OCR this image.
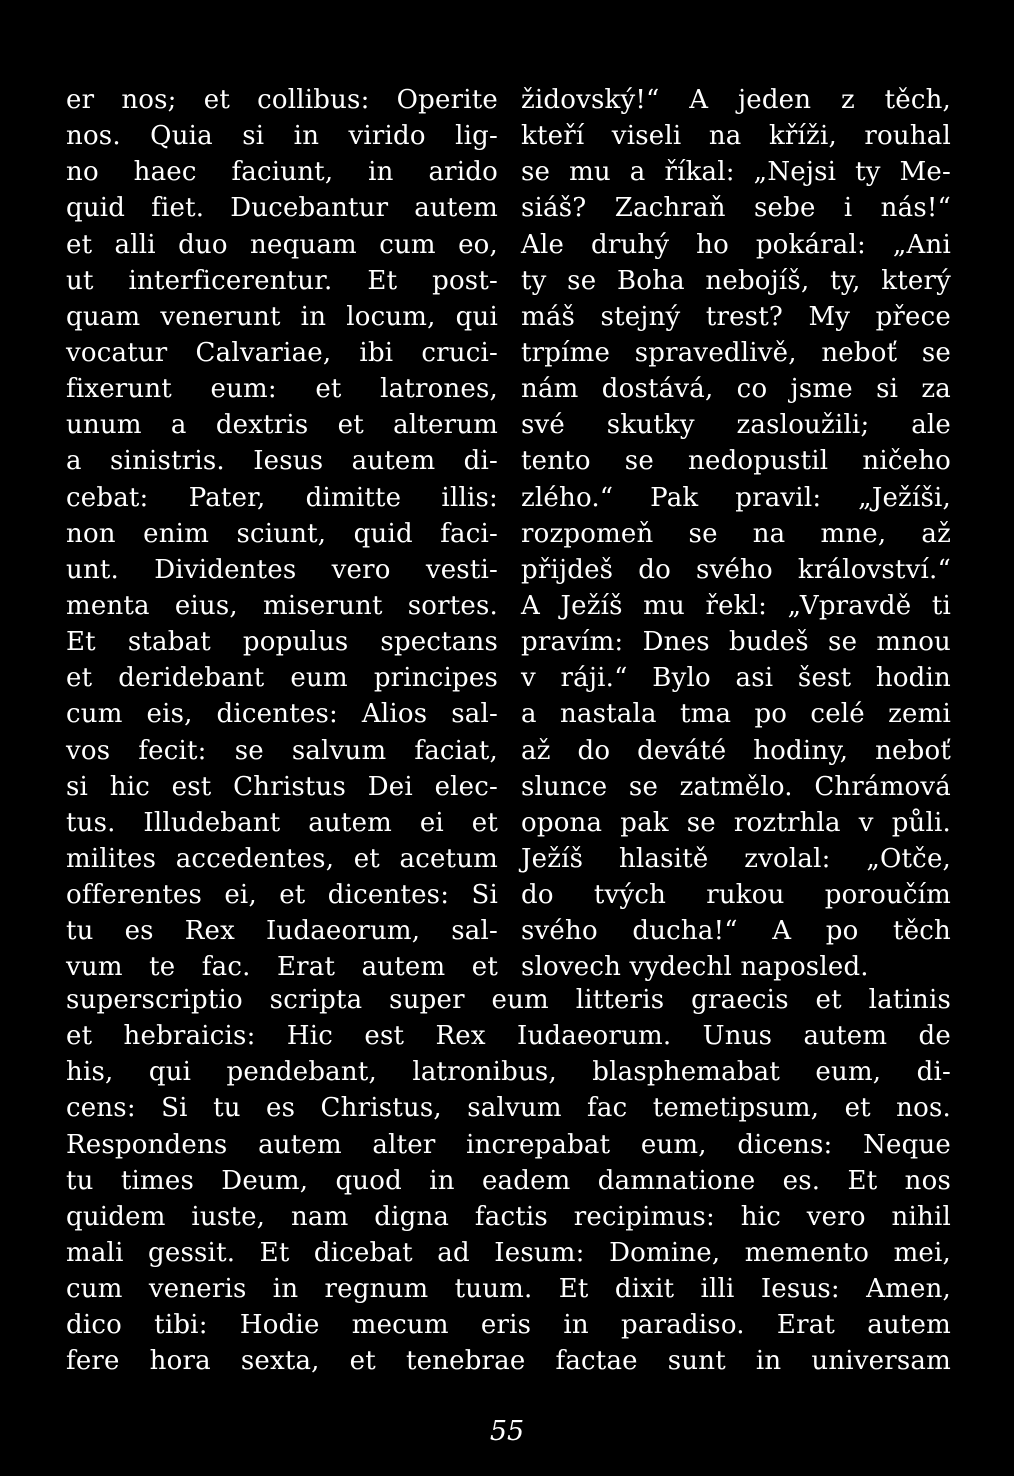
er nos; et collibus: Operite
nos. Quia si in virido lig-
no haec faciunt, in arido
quid fiet. Ducebantur autem
et alli duo nequam cum eo,
ut interficerentur. Et post-
quam venerunt in locum, qui
vocatur Calvariae, ibi cruci-
fixerunt eum: et latrones,
unum a dextris et alterum
a sinistris. Iesus autem di-
cebat: Pater, dimitte illis:
non enim sciunt, quid faci-
unt. Dividentes vero vesti-
menta eius, miserunt sortes.
Et stabat populus spectans
et deridebant eum principes
cum eis, dicentes: Alios sal-
vos fecit: se salvum faciat,
si hic est Christus Dei elec-
tus. Illudebant autem ei et
milites accedentes, et acetum
offerentes ei, et dicentes: Si
tu es Rex Iudaeorum, sal-
vum te fac. Erat autem et
židovský!“ A jeden z těch,
kteří viseli na kříži, rouhal
se mu a říkal: „Nejsi ty Me-
siáš? Zachraň sebe i nás!“
Ale druhý ho pokáral: „Ani
ty se Boha nebojíš, ty, který
máš stejný trest? My přece
trpíme spravedlivě, neboť se
nám dostává, co jsme si za
své skutky zasloužili; ale
tento se nedopustil ničeho
zlého.“ Pak pravil: „Ježíši,
rozpomeň se na mne, až
přijdeš do svého království.“
A Ježíš mu řekl: „Vpravdě ti
pravím: Dnes budeš se mnou
v ráji.“ Bylo asi šest hodin
a nastala tma po celé zemi
až do deváté hodiny, neboť
slunce se zatmělo. Chrámová
opona pak se roztrhla v půli.
Ježíš hlasitě zvolal: „Otče,
do tvých rukou poroučím
svého ducha!“ A po těch
slovech vydechl naposled.
superscriptio scripta super eum litteris graecis et latinis
et hebraicis: Hic est Rex Iudaeorum. Unus autem de
his, qui pendebant, latronibus, blasphemabat eum, di-
cens: Si tu es Christus, salvum fac temetipsum, et nos.
Respondens autem alter increpabat eum, dicens: Neque
tu times Deum, quod in eadem damnatione es. Et nos
quidem iuste, nam digna factis recipimus: hic vero nihil
mali gessit. Et dicebat ad Iesum: Domine, memento mei,
cum veneris in regnum tuum. Et dixit illi Iesus: Amen,
dico tibi: Hodie mecum eris in paradiso. Erat autem
fere hora sexta, et tenebrae factae sunt in universam
55
